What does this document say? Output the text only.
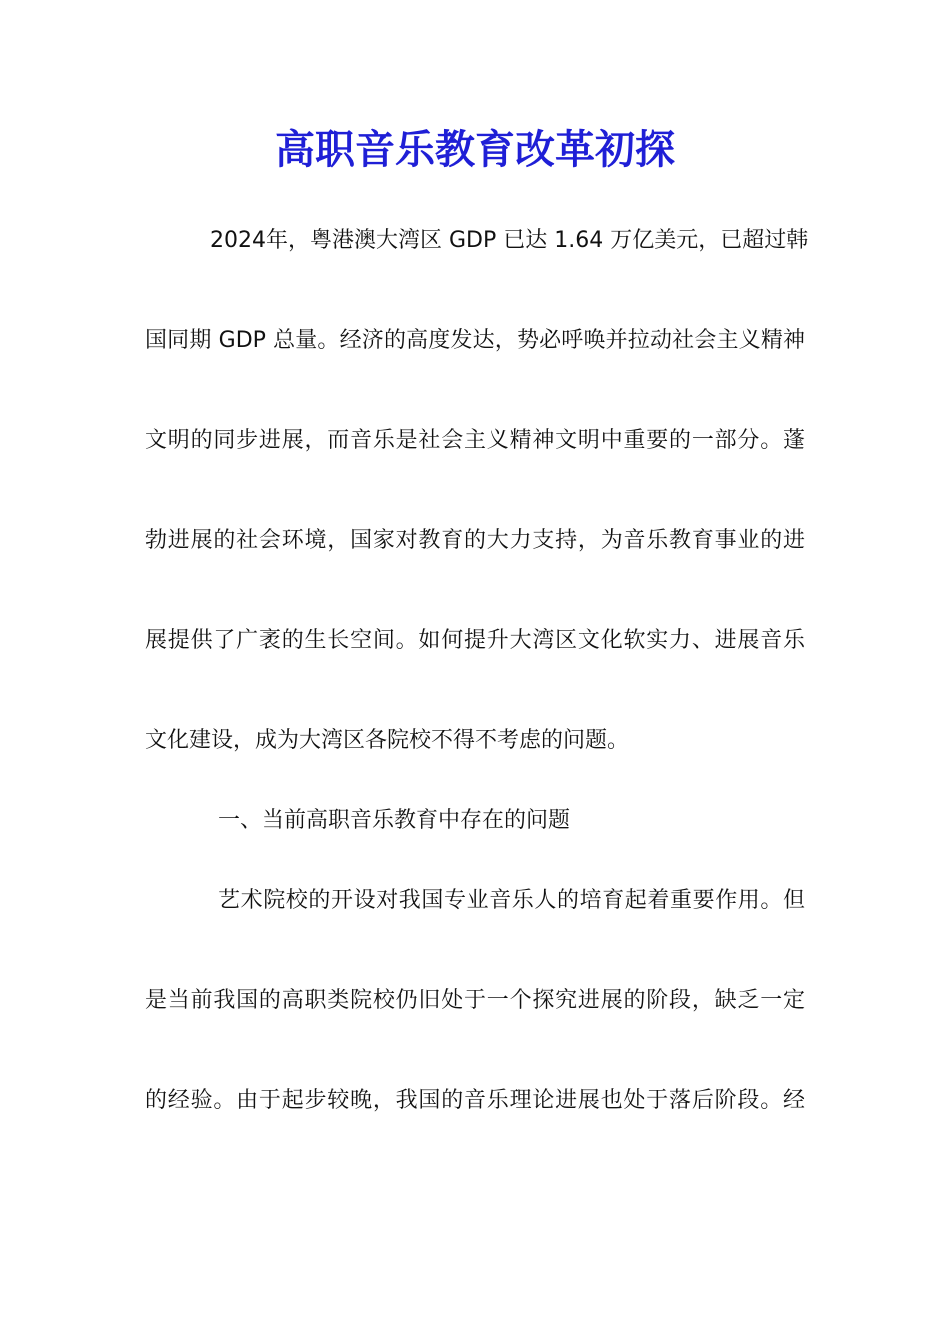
高职音乐教育改革初探

2024年，粤港澳大湾区 GDP 已达 1.64 万亿美元，已超过韩

国同期 GDP 总量。经济的高度发达，势必呼唤并拉动社会主义精神

文明的同步进展，而音乐是社会主义精神文明中重要的一部分。蓬

勃进展的社会环境，国家对教育的大力支持，为音乐教育事业的进

展提供了广袤的生长空间。如何提升大湾区文化软实力、进展音乐

文化建设，成为大湾区各院校不得不考虑的问题。

一、当前高职音乐教育中存在的问题

艺术院校的开设对我国专业音乐人的培育起着重要作用。但

是当前我国的高职类院校仍旧处于一个探究进展的阶段，缺乏一定

的经验。由于起步较晚，我国的音乐理论进展也处于落后阶段。经
